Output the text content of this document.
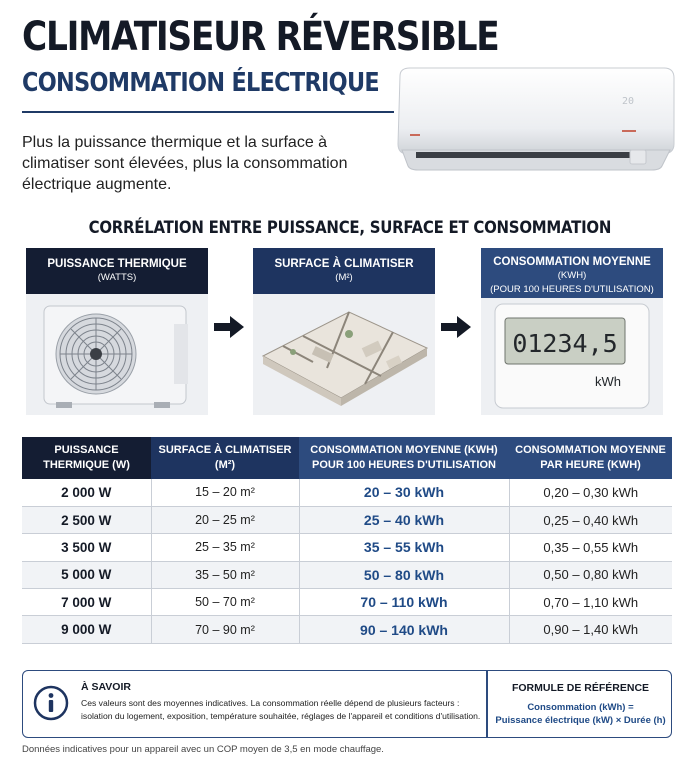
CLIMATISEUR RÉVERSIBLE
CONSOMMATION ÉLECTRIQUE
Plus la puissance thermique et la surface à climatiser sont élevées, plus la consommation électrique augmente.
20
CORRÉLATION ENTRE PUISSANCE, SURFACE ET CONSOMMATION
PUISSANCE THERMIQUE
(WATTS)
SURFACE À CLIMATISER
(M²)
CONSOMMATION MOYENNE
(KWH)
(POUR 100 HEURES D'UTILISATION)
01234,5
kWh
PUISSANCE THERMIQUE (W)	SURFACE À CLIMATISER (M²)	CONSOMMATION MOYENNE (KWH) POUR 100 HEURES D'UTILISATION	CONSOMMATION MOYENNE PAR HEURE (KWH)
2 000 W	15 – 20 m²	20 – 30 kWh	0,20 – 0,30 kWh
2 500 W	20 – 25 m²	25 – 40 kWh	0,25 – 0,40 kWh
3 500 W	25 – 35 m²	35 – 55 kWh	0,35 – 0,55 kWh
5 000 W	35 – 50 m²	50 – 80 kWh	0,50 – 0,80 kWh
7 000 W	50 – 70 m²	70 – 110 kWh	0,70 – 1,10 kWh
9 000 W	70 – 90 m²	90 – 140 kWh	0,90 – 1,40 kWh
À SAVOIR
Ces valeurs sont des moyennes indicatives. La consommation réelle dépend de plusieurs facteurs : isolation du logement, exposition, température souhaitée, réglages de l'appareil et conditions d'utilisation.
FORMULE DE RÉFÉRENCE
Consommation (kWh) =
Puissance électrique (kW) × Durée (h)
Données indicatives pour un appareil avec un COP moyen de 3,5 en mode chauffage.
